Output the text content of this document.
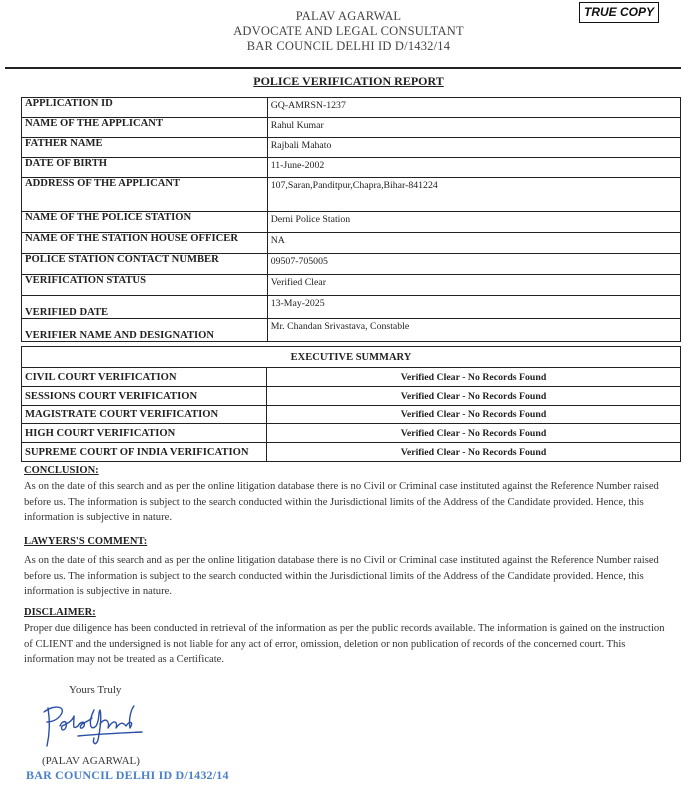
PALAV AGARWAL
ADVOCATE AND LEGAL CONSULTANT
BAR COUNCIL DELHI ID D/1432/14
TRUE COPY
POLICE VERIFICATION REPORT
APPLICATION ID	GQ-AMRSN-1237
NAME OF THE APPLICANT	Rahul Kumar
FATHER NAME	Rajbali Mahato
DATE OF BIRTH	11-June-2002
ADDRESS OF THE APPLICANT	107,Saran,Panditpur,Chapra,Bihar-841224
NAME OF THE POLICE STATION	Derni Police Station
NAME OF THE STATION HOUSE OFFICER	NA
POLICE STATION CONTACT NUMBER	09507-705005
VERIFICATION STATUS	Verified Clear
VERIFIED DATE	13-May-2025
VERIFIER NAME AND DESIGNATION	Mr. Chandan Srivastava, Constable
EXECUTIVE SUMMARY	
CIVIL COURT VERIFICATION	Verified Clear - No Records Found
SESSIONS COURT VERIFICATION	Verified Clear - No Records Found
MAGISTRATE COURT VERIFICATION	Verified Clear - No Records Found
HIGH COURT VERIFICATION	Verified Clear - No Records Found
SUPREME COURT OF INDIA VERIFICATION	Verified Clear - No Records Found
CONCLUSION:
As on the date of this search and as per the online litigation database there is no Civil or Criminal case instituted against the Reference Number raised before us. The information is subject to the search conducted within the Jurisdictional limits of the Address of the Candidate provided. Hence, this information is subjective in nature.
LAWYERS'S COMMENT:
As on the date of this search and as per the online litigation database there is no Civil or Criminal case instituted against the Reference Number raised before us. The information is subject to the search conducted within the Jurisdictional limits of the Address of the Candidate provided. Hence, this information is subjective in nature.
DISCLAIMER:
Proper due diligence has been conducted in retrieval of the information as per the public records available. The information is gained on the instruction of CLIENT and the undersigned is not liable for any act of error, omission, deletion or non publication of records of the concerned court. This information may not be treated as a Certificate.
Yours Truly
(PALAV AGARWAL)
BAR COUNCIL DELHI ID D/1432/14
